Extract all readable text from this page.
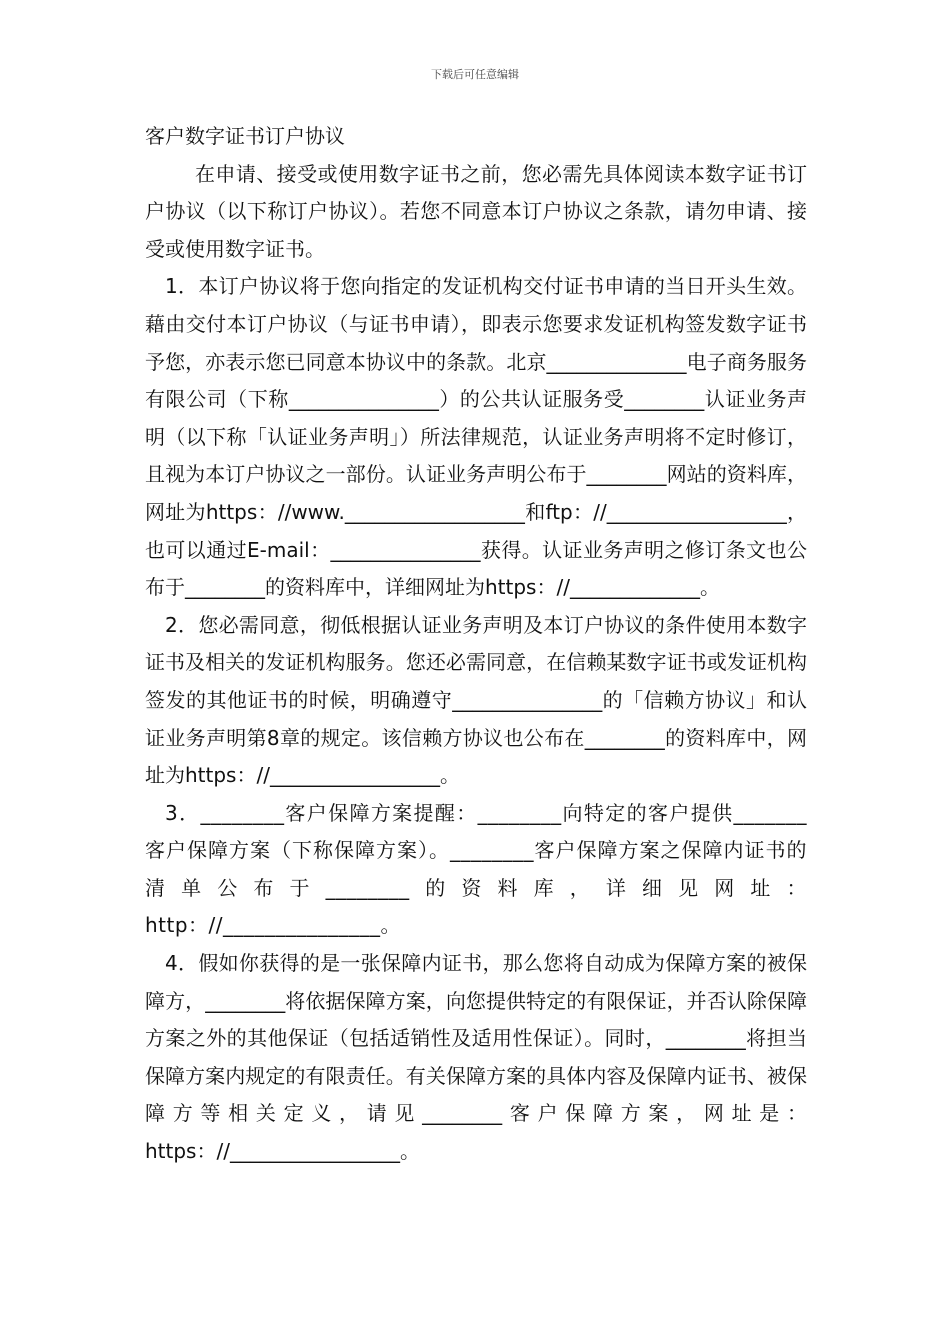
下载后可任意编辑

客户数字证书订户协议

在申请、接受或使用数字证书之前，您必需先具体阅读本数字证书订户协议（以下称订户协议）。若您不同意本订户协议之条款，请勿申请、接受或使用数字证书。

1．本订户协议将于您向指定的发证机构交付证书申请的当日开头生效。藉由交付本订户协议（与证书申请），即表示您要求发证机构签发数字证书予您，亦表示您已同意本协议中的条款。北京______________电子商务服务有限公司（下称_______________）的公共认证服务受________认证业务声明（以下称「认证业务声明」）所法律规范，认证业务声明将不定时修订，且视为本订户协议之一部份。认证业务声明公布于________网站的资料库，网址为https：//www.__________________和ftp：//__________________，也可以通过E-mail：_______________获得。认证业务声明之修订条文也公布于________的资料库中，详细网址为https：//_____________。

2．您必需同意，彻低根据认证业务声明及本订户协议的条件使用本数字证书及相关的发证机构服务。您还必需同意，在信赖某数字证书或发证机构签发的其他证书的时候，明确遵守_______________的「信赖方协议」和认证业务声明第8章的规定。该信赖方协议也公布在________的资料库中，网址为https：//_________________。

3．________客户保障方案提醒：________向特定的客户提供_______客户保障方案（下称保障方案）。________客户保障方案之保障内证书的清单公布于________的资料库，详细见网址：http：//_______________。

4．假如你获得的是一张保障内证书，那么您将自动成为保障方案的被保障方，________将依据保障方案，向您提供特定的有限保证，并否认除保障方案之外的其他保证（包括适销性及适用性保证）。同时，________将担当保障方案内规定的有限责任。有关保障方案的具体内容及保障内证书、被保障方等相关定义，请见________客户保障方案，网址是：https：//_________________。
